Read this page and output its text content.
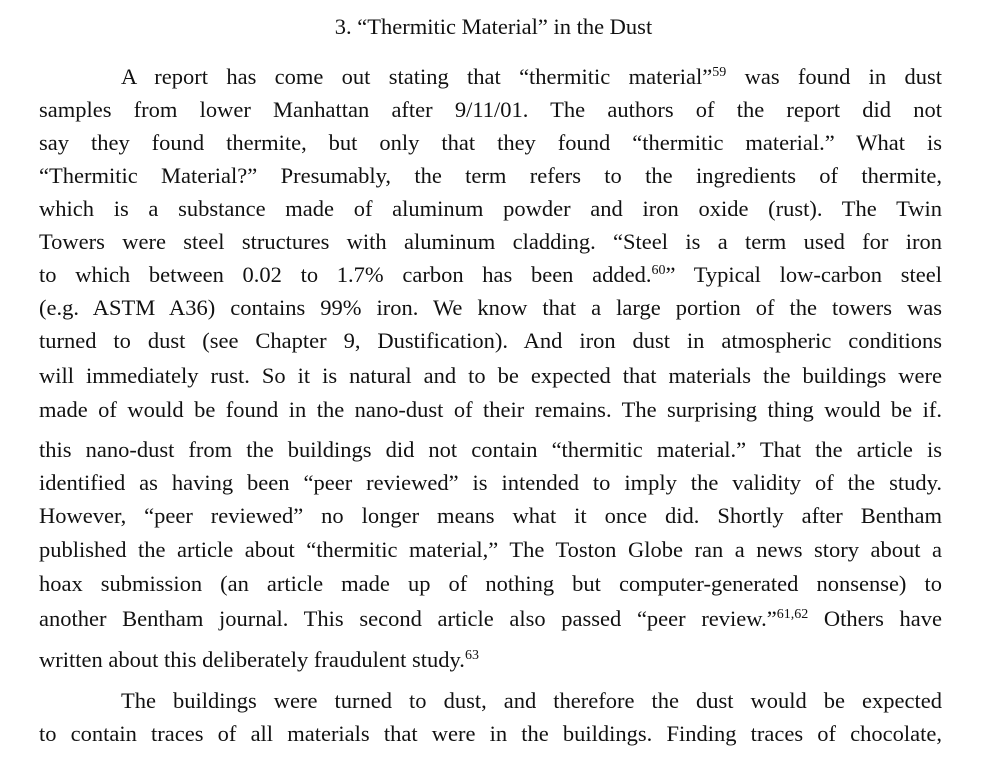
3. “Thermitic Material” in the Dust
A report has come out stating that “thermitic material”$^{59}$ was found in dust
samples from lower Manhattan after 9/11/01. The authors of the report did not
say they found thermite, but only that they found “thermitic material.” What is
“Thermitic Material?” Presumably, the term refers to the ingredients of thermite,
which is a substance made of aluminum powder and iron oxide (rust). The Twin
Towers were steel structures with aluminum cladding. “Steel is a term used for iron
to which between 0.02 to 1.7% carbon has been added.$^{60}$” Typical low-carbon steel
(e.g. ASTM A36) contains 99% iron. We know that a large portion of the towers was
turned to dust (see Chapter 9, Dustification). And iron dust in atmospheric conditions
will immediately rust. So it is natural and to be expected that materials the buildings were
made of would be found in the nano-dust of their remains. The surprising thing would be if.
this nano-dust from the buildings did not contain “thermitic material.” That the article is
identified as having been “peer reviewed” is intended to imply the validity of the study.
However, “peer reviewed” no longer means what it once did. Shortly after Bentham
published the article about “thermitic material,” The Toston Globe ran a news story about a
hoax submission (an article made up of nothing but computer-generated nonsense) to
another Bentham journal. This second article also passed “peer review.”$^{61,62}$ Others have
written about this deliberately fraudulent study.$^{63}$
The buildings were turned to dust, and therefore the dust would be expected
to contain traces of all materials that were in the buildings. Finding traces of chocolate,
